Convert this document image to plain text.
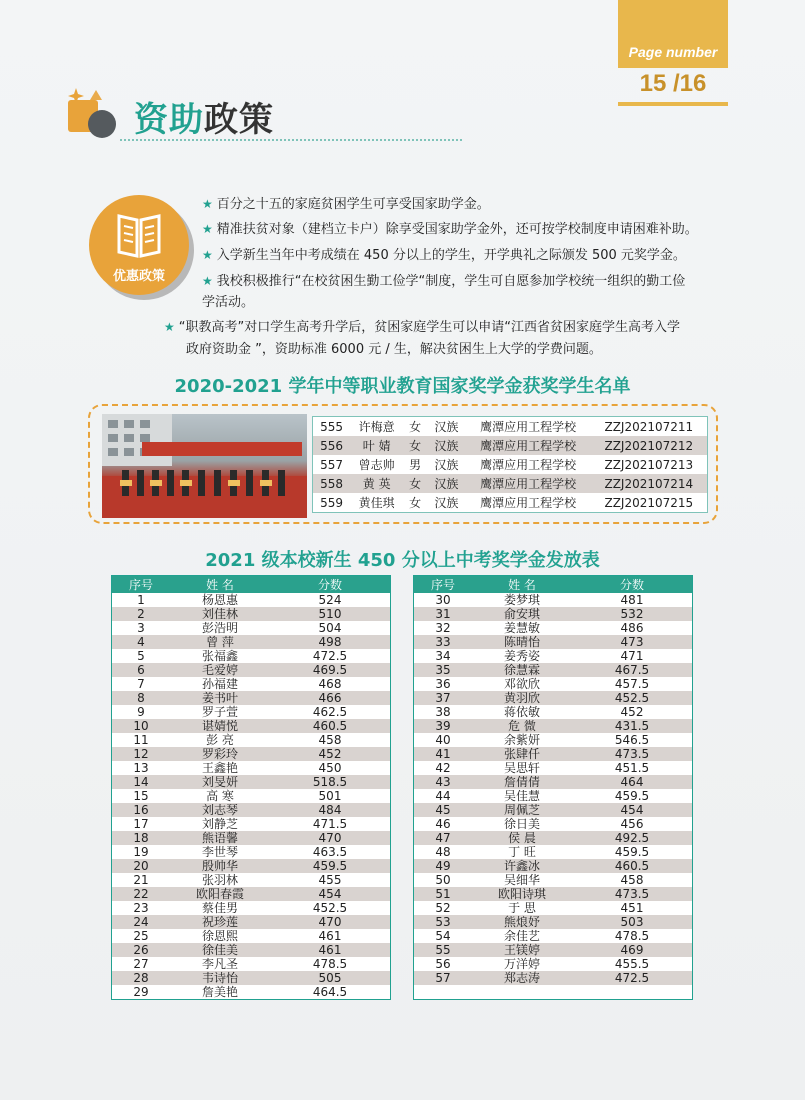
Page number
15 /16
资助政策
优惠政策
★ 百分之十五的家庭贫困学生可享受国家助学金。
★ 精准扶贫对象（建档立卡户）除享受国家助学金外，还可按学校制度申请困难补助。
★ 入学新生当年中考成绩在 450 分以上的学生，开学典礼之际颁发 500 元奖学金。
★ 我校积极推行“在校贫困生勤工俭学“制度，学生可自愿参加学校统一组织的勤工俭
学活动。
★ “职教高考”对口学生高考升学后，贫困家庭学生可以申请“江西省贫困家庭学生高考入学
政府资助金 ”，资助标准 6000 元 / 生，解决贫困生上大学的学费问题。
2020-2021 学年中等职业教育国家奖学金获奖学生名单
555	许梅意	女	汉族	鹰潭应用工程学校	ZZJ202107211
556	叶 婧	女	汉族	鹰潭应用工程学校	ZZJ202107212
557	曾志帅	男	汉族	鹰潭应用工程学校	ZZJ202107213
558	黄 英	女	汉族	鹰潭应用工程学校	ZZJ202107214
559	黄佳琪	女	汉族	鹰潭应用工程学校	ZZJ202107215
2021 级本校新生 450 分以上中考奖学金发放表
序号	姓 名	分数
1	杨恩惠	524
2	刘佳林	510
3	彭浩明	504
4	曾 萍	498
5	张福鑫	472.5
6	毛爱婷	469.5
7	孙福建	468
8	姜书叶	466
9	罗子萱	462.5
10	谌婧悦	460.5
11	彭 亮	458
12	罗彩玲	452
13	王鑫艳	450
14	刘旻妍	518.5
15	高 寒	501
16	刘志琴	484
17	刘静芝	471.5
18	熊语馨	470
19	李世琴	463.5
20	殷帅华	459.5
21	张羽林	455
22	欧阳春霞	454
23	蔡佳男	452.5
24	祝珍莲	470
25	徐恩熙	461
26	徐佳美	461
27	李凡圣	478.5
28	韦诗怡	505
29	詹美艳	464.5
序号	姓 名	分数
30	娄梦琪	481
31	俞安琪	532
32	姜慧敏	486
33	陈晴怡	473
34	姜秀姿	471
35	徐慧霖	467.5
36	邓欲欣	457.5
37	黄羽欣	452.5
38	蒋依敏	452
39	危 微	431.5
40	余紫妍	546.5
41	张肆仟	473.5
42	吴思轩	451.5
43	詹倩倩	464
44	吴佳慧	459.5
45	周佩芝	454
46	徐日美	456
47	侯 晨	492.5
48	丁 旺	459.5
49	许鑫冰	460.5
50	吴细华	458
51	欧阳诗琪	473.5
52	于 思	451
53	熊烺妤	503
54	余佳艺	478.5
55	王镁婷	469
56	万洋婷	455.5
57	郑志涛	472.5
